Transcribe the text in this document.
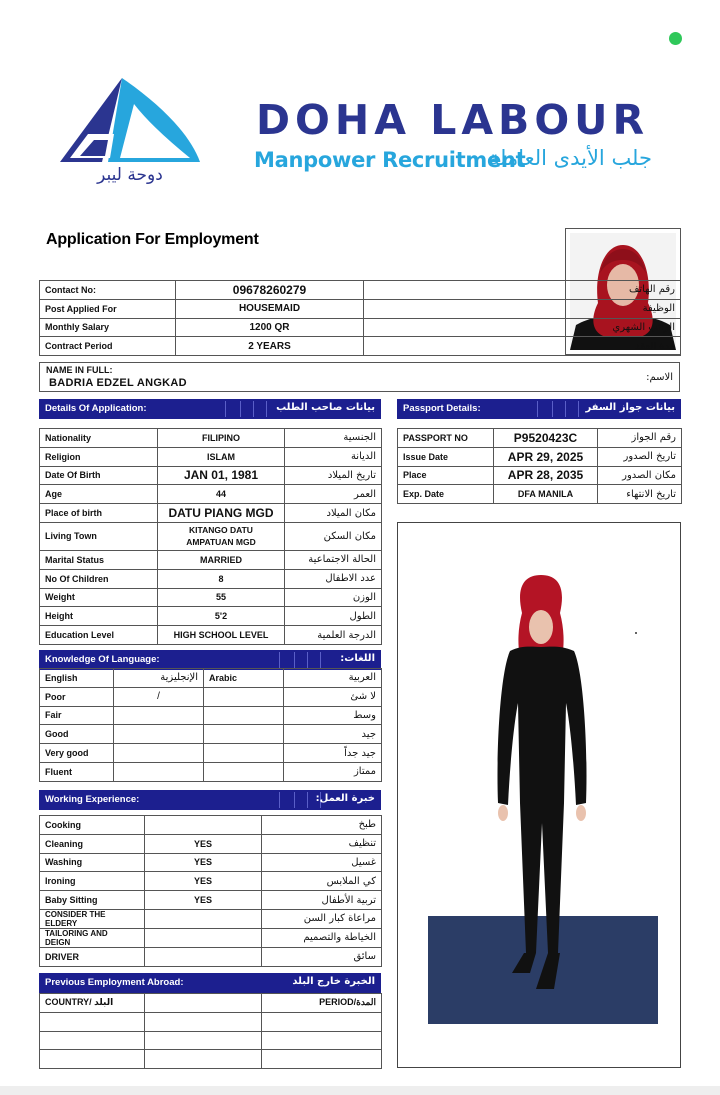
دوحة ليبر
DOHA LABOUR
Manpower Recruitment
جلب الأيدى العاملة
Application For Employment
Contact No:	09678260279	رقم الهاتف
Post Applied For	HOUSEMAID	الوظيفة
Monthly Salary	1200 QR	الراتب الشهري
Contract Period	2 YEARS	مدة العقد
NAME IN FULL:
BADRIA EDZEL ANGKAD	الاسم:
Details Of Application:	بيانات صاحب الطلب	Passport Details:	بيانات جواز السفر
Nationality	FILIPINO	الجنسية
Religion	ISLAM	الديانة
Date Of Birth	JAN 01, 1981	تاريخ الميلاد
Age	44	العمر
Place of birth	DATU PIANG MGD	مكان الميلاد
Living Town	KITANGO DATU
AMPATUAN MGD	مكان السكن
Marital Status	MARRIED	الحالة الاجتماعية
No Of Children	8	عدد الاطفال
Weight	55	الوزن
Height	5'2	الطول
Education Level	HIGH SCHOOL LEVEL	الدرجة العلمية
PASSPORT NO	P9520423C	رقم الجواز
Issue Date	APR 29, 2025	تاريخ الصدور
Place	APR 28, 2035	مكان الصدور
Exp. Date	DFA MANILA	تاريخ الانتهاء
Knowledge Of Language:	اللغات:
English	الإنجليزية	Arabic	العربية
Poor	/		لا شئ
Fair			وسط
Good			جيد
Very good			جيد جداً
Fluent			ممتاز
Working Experience:	خبرة العمل:
Cooking		طبخ
Cleaning	YES	تنظيف
Washing	YES	غسيل
Ironing	YES	كي الملابس
Baby Sitting	YES	تربية الأطفال

CONSIDER THE
ELDERY		مراعاة كبار السن

TAILORING AND
DEIGN		الخياطة والتصميم
DRIVER		سائق
Previous Employment Abroad:	الخبرة خارج البلد
COUNTRY/ البلد		PERIOD/المدة
